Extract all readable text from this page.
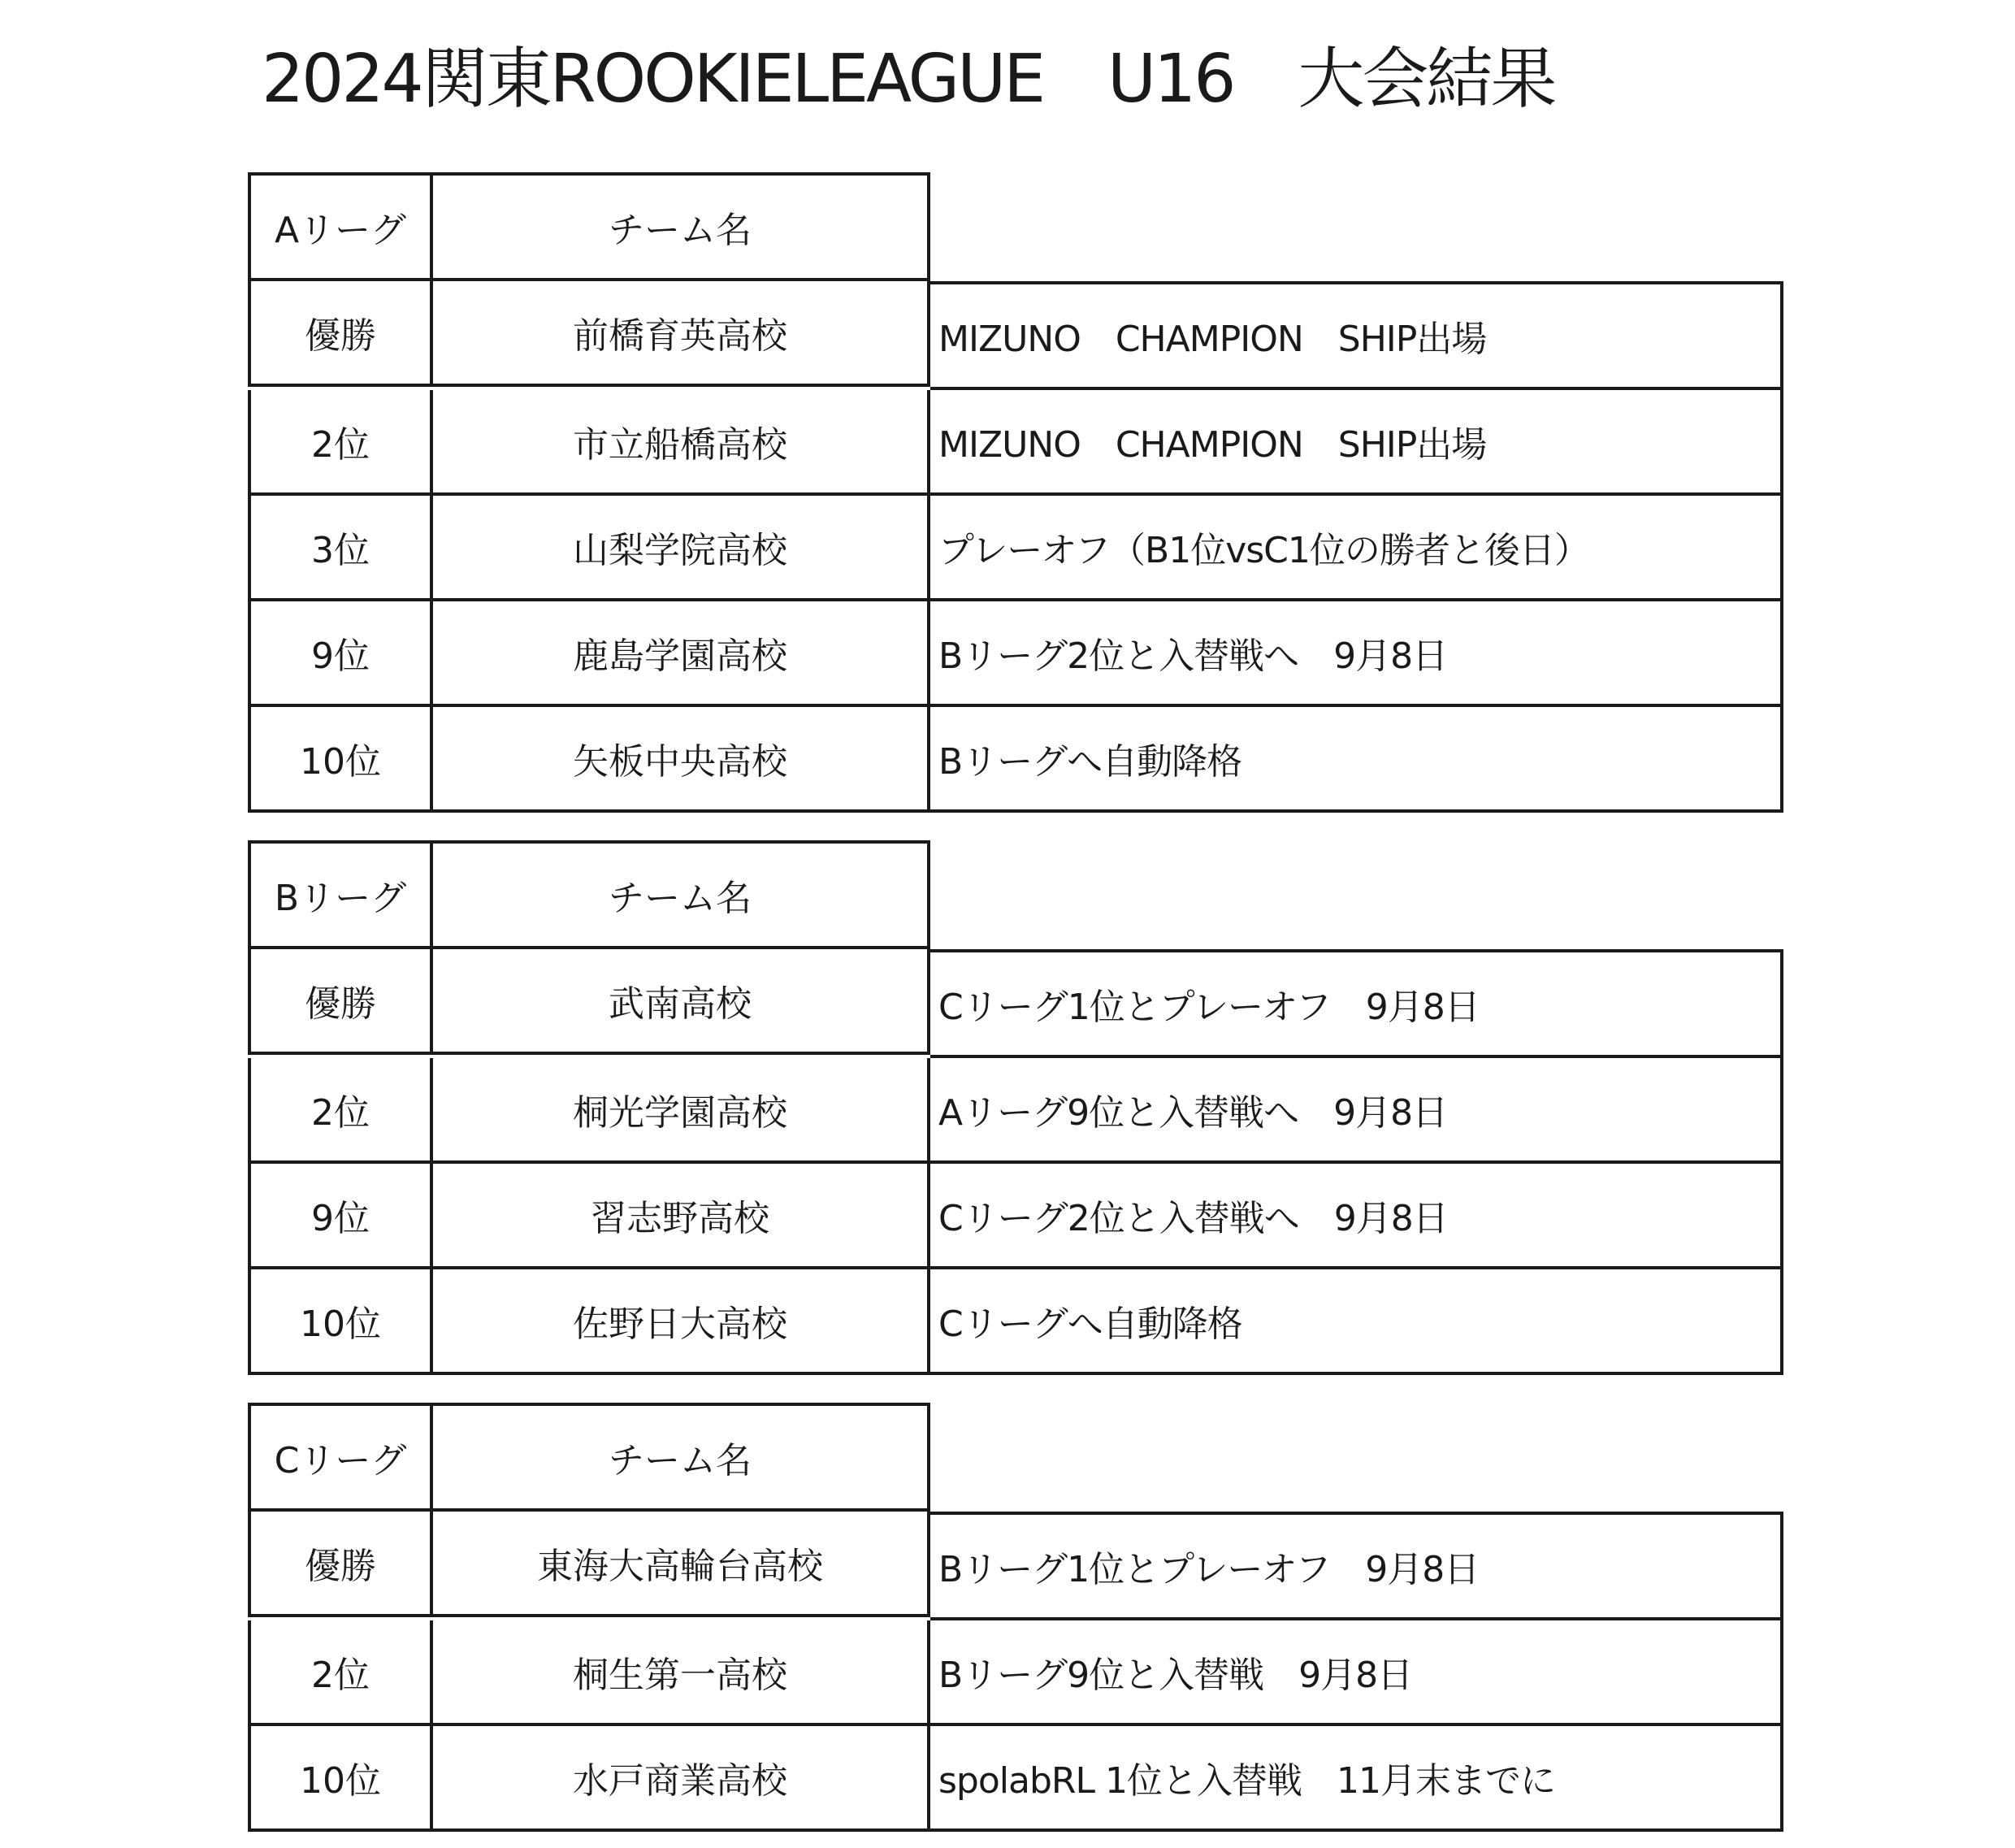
2024関東ROOKIELEAGUE　U16　大会結果
Aリーグ	チーム名
優勝	前橋育英高校	MIZUNO　CHAMPION　SHIP出場
2位	市立船橋高校	MIZUNO　CHAMPION　SHIP出場
3位	山梨学院高校	プレーオフ（B1位vsC1位の勝者と後日）
9位	鹿島学園高校	Bリーグ2位と入替戦へ　9月8日
10位	矢板中央高校	Bリーグへ自動降格
Bリーグ	チーム名
優勝	武南高校	Cリーグ1位とプレーオフ　9月8日
2位	桐光学園高校	Aリーグ9位と入替戦へ　9月8日
9位	習志野高校	Cリーグ2位と入替戦へ　9月8日
10位	佐野日大高校	Cリーグへ自動降格
Cリーグ	チーム名
優勝	東海大高輪台高校	Bリーグ1位とプレーオフ　9月8日
2位	桐生第一高校	Bリーグ9位と入替戦　9月8日
10位	水戸商業高校	spolabRL 1位と入替戦　11月末までに
